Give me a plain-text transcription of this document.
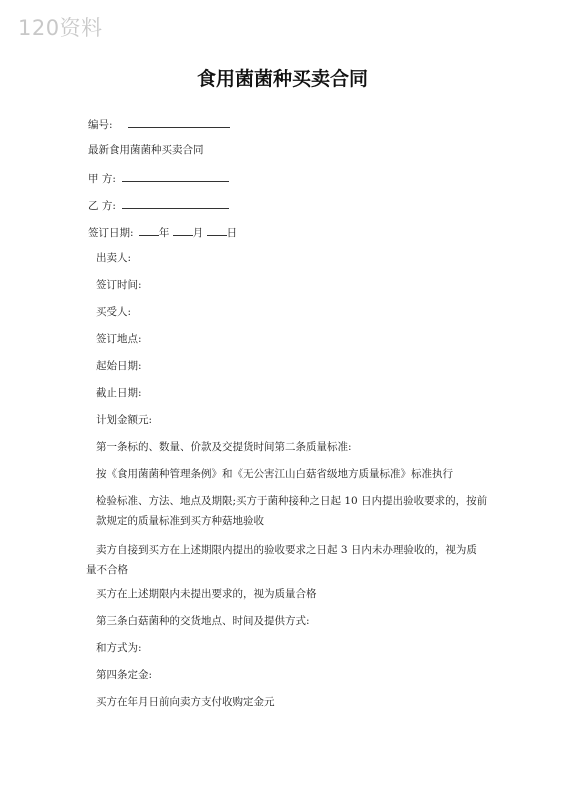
120资料
食用菌菌种买卖合同
编号:
最新食用菌菌种买卖合同
甲 方:
乙 方:
签订日期: 年 月 日
出卖人:
签订时间:
买受人:
签订地点:
起始日期:
截止日期:
计划金额元:
第一条标的、数量、价款及交提货时间第二条质量标准:
按《食用菌菌种管理条例》和《无公害江山白菇省级地方质量标准》标准执行
检验标准、方法、地点及期限;买方于菌种接种之日起 10 日内提出验收要求的，按前款规定的质量标准到买方种菇地验收
卖方自接到买方在上述期限内提出的验收要求之日起 3 日内未办理验收的，视为质量不合格
买方在上述期限内未提出要求的，视为质量合格
第三条白菇菌种的交货地点、时间及提供方式:
和方式为:
第四条定金:
买方在年月日前向卖方支付收购定金元
